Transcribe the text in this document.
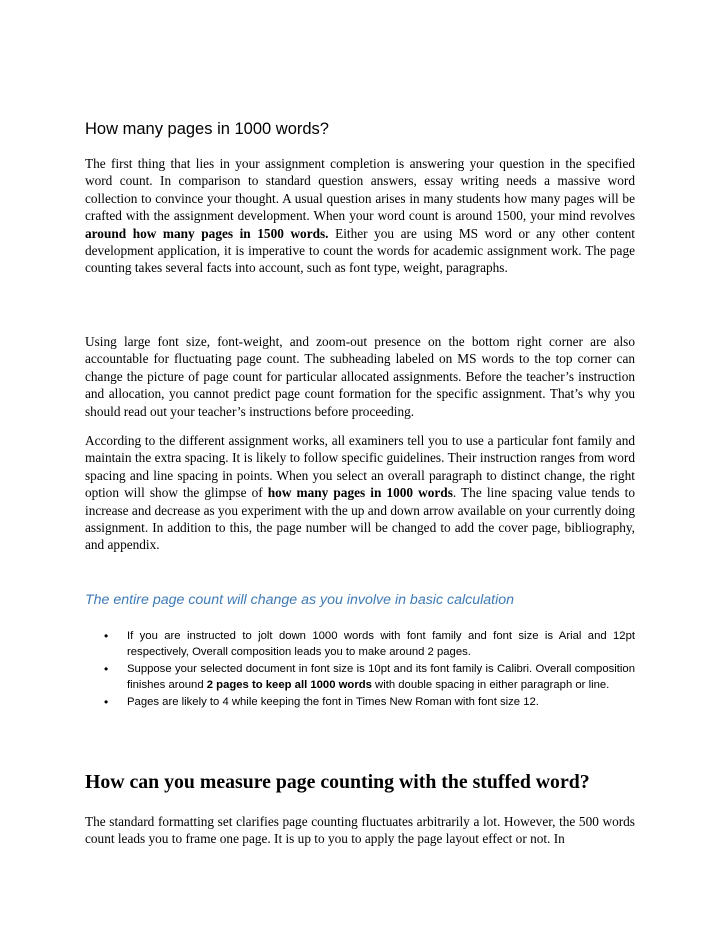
How many pages in 1000 words?

The first thing that lies in your assignment completion is answering your question in the specified word count. In comparison to standard question answers, essay writing needs a massive word collection to convince your thought. A usual question arises in many students how many pages will be crafted with the assignment development. When your word count is around 1500, your mind revolves around how many pages in 1500 words. Either you are using MS word or any other content development application, it is imperative to count the words for academic assignment work. The page counting takes several facts into account, such as font type, weight, paragraphs.

Using large font size, font-weight, and zoom-out presence on the bottom right corner are also accountable for fluctuating page count. The subheading labeled on MS words to the top corner can change the picture of page count for particular allocated assignments. Before the teacher’s instruction and allocation, you cannot predict page count formation for the specific assignment. That’s why you should read out your teacher’s instructions before proceeding.

According to the different assignment works, all examiners tell you to use a particular font family and maintain the extra spacing. It is likely to follow specific guidelines. Their instruction ranges from word spacing and line spacing in points. When you select an overall paragraph to distinct change, the right option will show the glimpse of how many pages in 1000 words. The line spacing value tends to increase and decrease as you experiment with the up and down arrow available on your currently doing assignment. In addition to this, the page number will be changed to add the cover page, bibliography, and appendix.

The entire page count will change as you involve in basic calculation
• If you are instructed to jolt down 1000 words with font family and font size is Arial and 12pt respectively, Overall composition leads you to make around 2 pages.
• Suppose your selected document in font size is 10pt and its font family is Calibri. Overall composition finishes around 2 pages to keep all 1000 words with double spacing in either paragraph or line.
• Pages are likely to 4 while keeping the font in Times New Roman with font size 12.
How can you measure page counting with the stuffed word?

The standard formatting set clarifies page counting fluctuates arbitrarily a lot. However, the 500 words count leads you to frame one page. It is up to you to apply the page layout effect or not. In
